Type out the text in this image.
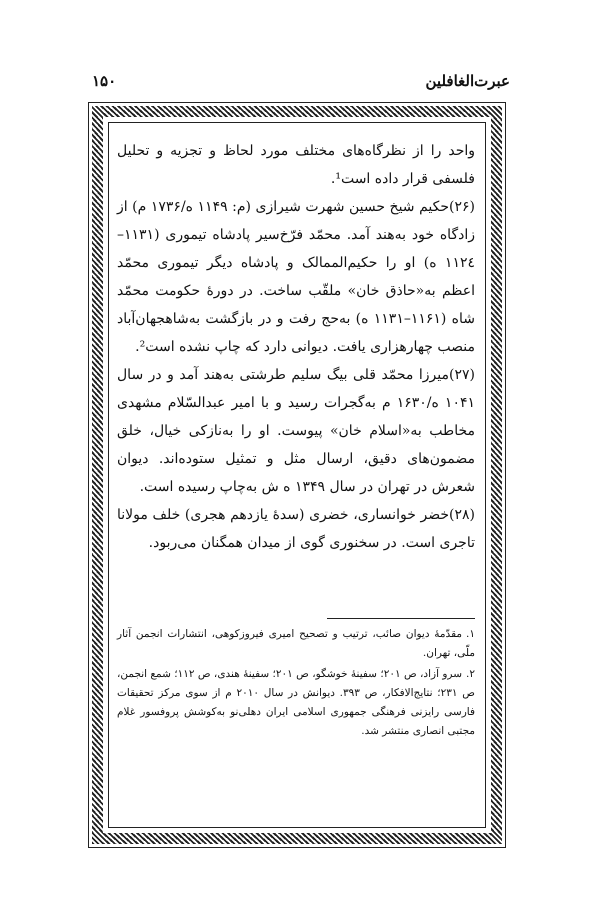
عبرت‌الغافلین
۱۵۰

واحد را از نظرگاه‌های مختلف مورد لحاظ و تجزیه و تحلیل فلسفی قرار داده است¹.

(۲۶)حکیم شیخ حسین شهرت شیرازی (م: ۱۱۴۹ ه/۱۷۳۶ م) از زادگاه خود به‌هند آمد. محمّد فرّخ‌سیر پادشاه تیموری (۱۱۳۱–۱۱۲٤ ه) او را حکیم‌الممالک و پادشاه دیگر تیموری محمّد اعظم به«حاذق خان» ملقّب ساخت. در دورهٔ حکومت محمّد شاه (۱۱۶۱–۱۱۳۱ ه) به‌حج رفت و در بازگشت به‌شاهجهان‌آباد منصب چهارهزاری یافت. دیوانی دارد که چاپ نشده است².

(۲۷)میرزا محمّد قلی بیگ سلیم طرشتی به‌هند آمد و در سال ۱۰۴۱ ه/۱۶۳۰ م به‌گجرات رسید و با امیر عبدالسّلام مشهدی مخاطب به«اسلام خان» پیوست. او را به‌نازکی خیال، خلق مضمون‌های دقیق، ارسال مثل و تمثیل ستوده‌اند. دیوان شعرش در تهران در سال ۱۳۴۹ ه ش به‌چاپ رسیده است.

(۲۸)خضر خوانساری، خضری (سدهٔ یازدهم هجری) خلف مولانا تاجری است. در سخنوری گوی از میدان همگنان می‌ربود.

۱.مقدّمهٔ دیوان صائب، ترتیب و تصحیح امیری فیروزکوهی، انتشارات انجمن آثار ملّی، تهران.

۲.سرو آزاد، ص ۲۰۱؛ سفینهٔ خوشگو، ص ۲۰۱؛ سفینهٔ هندی، ص ۱۱۲؛ شمع انجمن، ص ۲۳۱؛ نتایج‌الافکار، ص ۳۹۳. دیوانش در سال ۲۰۱۰ م از سوی مرکز تحقیقات فارسی رایزنی فرهنگی جمهوری اسلامی ایران دهلی‌نو به‌کوشش پروفسور غلام مجتبی انصاری منتشر شد.
